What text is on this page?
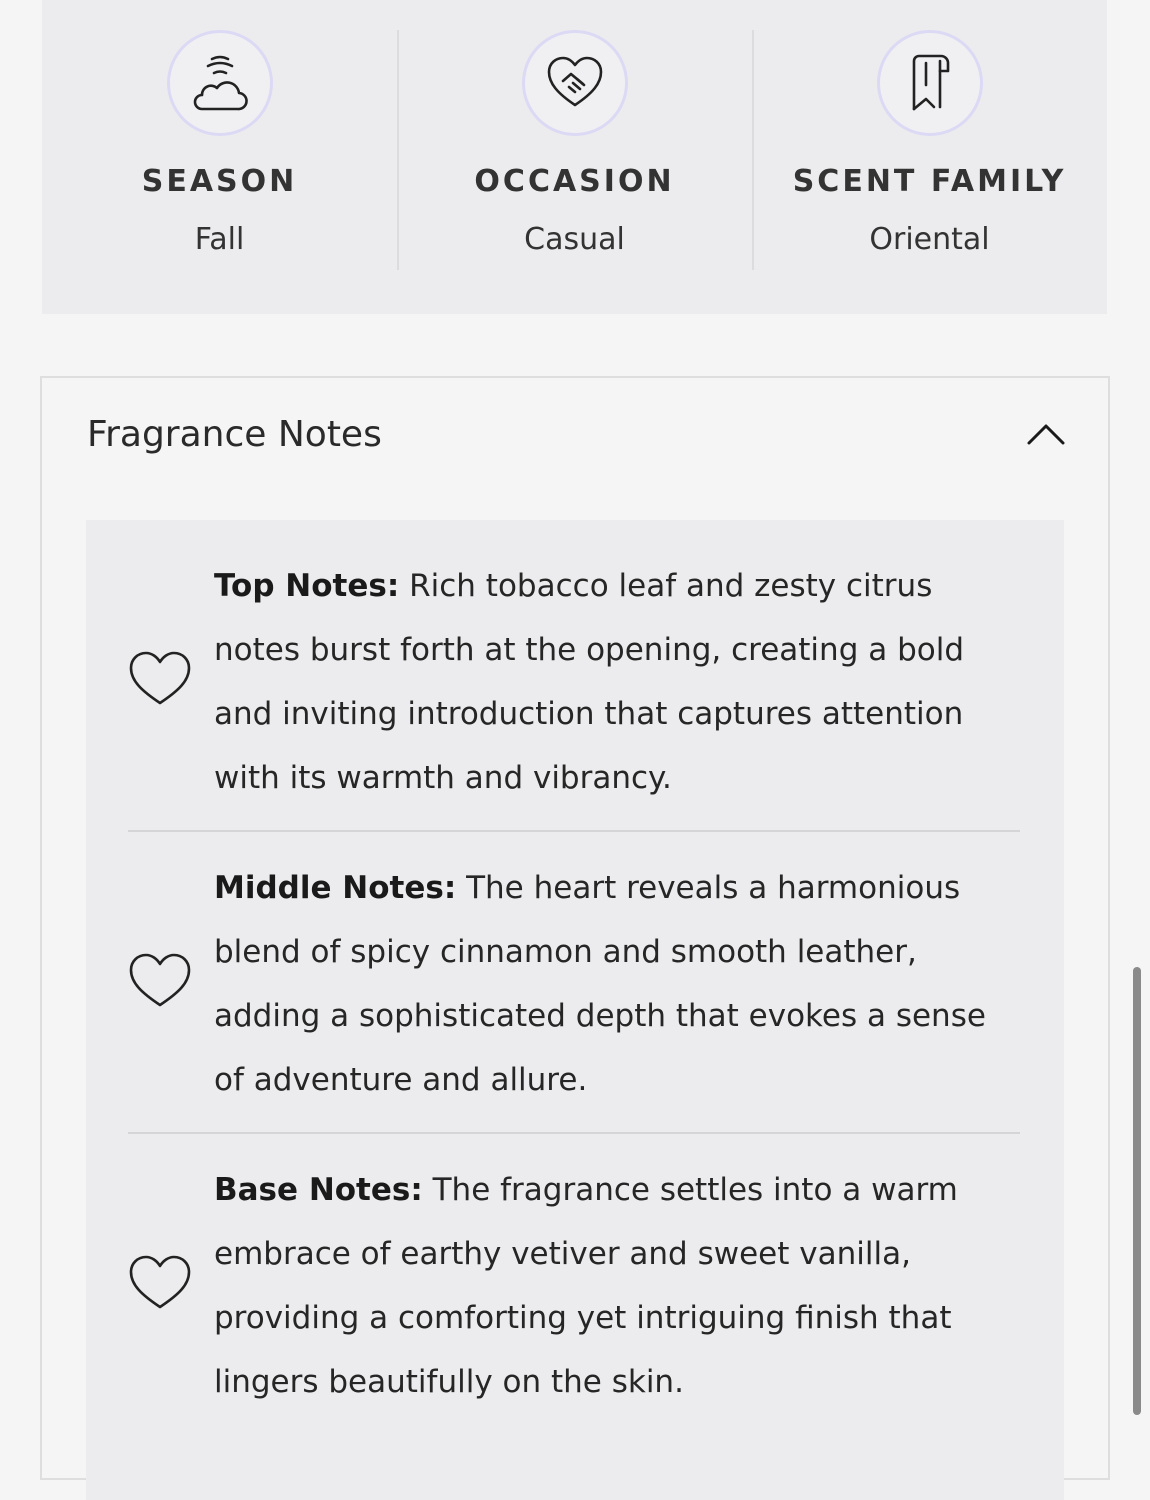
SEASON
Fall
OCCASION
Casual
SCENT FAMILY
Oriental
Fragrance Notes
Top Notes: Rich tobacco leaf and zesty citrus notes burst forth at the opening, creating a bold and inviting introduction that captures attention with its warmth and vibrancy.
Middle Notes: The heart reveals a harmonious blend of spicy cinnamon and smooth leather, adding a sophisticated depth that evokes a sense of adventure and allure.
Base Notes: The fragrance settles into a warm embrace of earthy vetiver and sweet vanilla, providing a comforting yet intriguing finish that lingers beautifully on the skin.
